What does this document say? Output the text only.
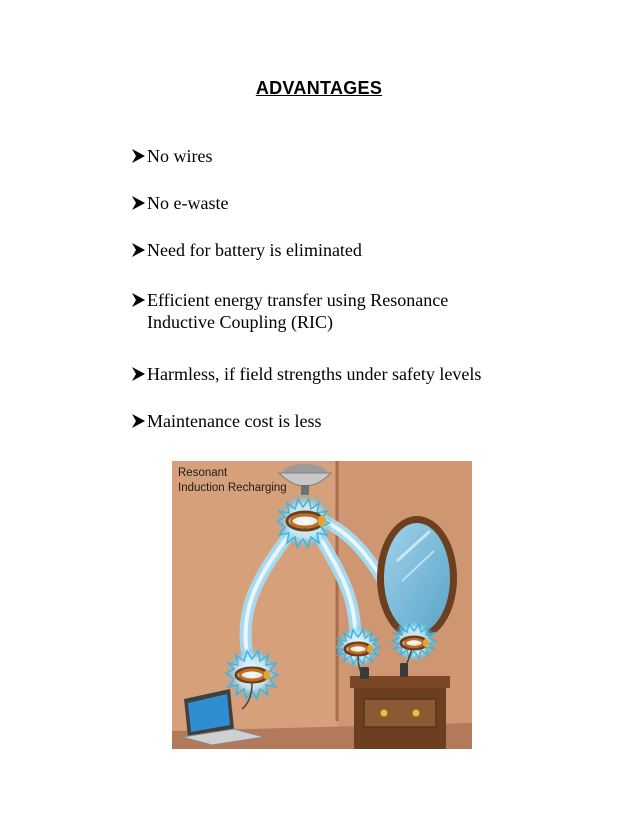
ADVANTAGES
No wires
No e-waste
Need for battery is eliminated
Efficient energy transfer using Resonance
Inductive Coupling (RIC)
Harmless, if field strengths under safety levels
Maintenance cost is less
Resonant
Induction Recharging
